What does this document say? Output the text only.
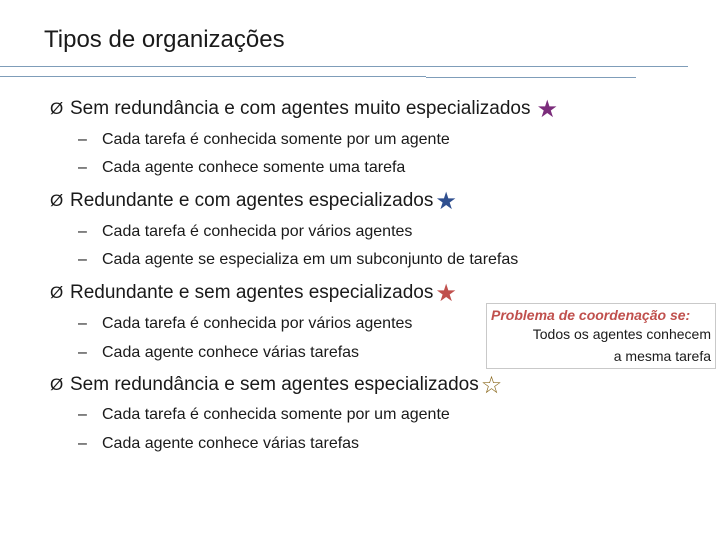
Tipos de organizações
Ø Sem redundância e com agentes muito especializados ★
– Cada tarefa é conhecida somente por um agente
– Cada agente conhece somente uma tarefa
Ø Redundante e com agentes especializados ★
– Cada tarefa é conhecida por vários agentes
– Cada agente se especializa em um subconjunto de tarefas
Ø Redundante e sem agentes especializados ★
– Cada tarefa é conhecida por vários agentes
– Cada agente conhece várias tarefas
Problema de coordenação se:
Todos os agentes conhecem
a mesma tarefa
Ø Sem redundância e sem agentes especializados ☆
– Cada tarefa é conhecida somente por um agente
– Cada agente conhece várias tarefas
